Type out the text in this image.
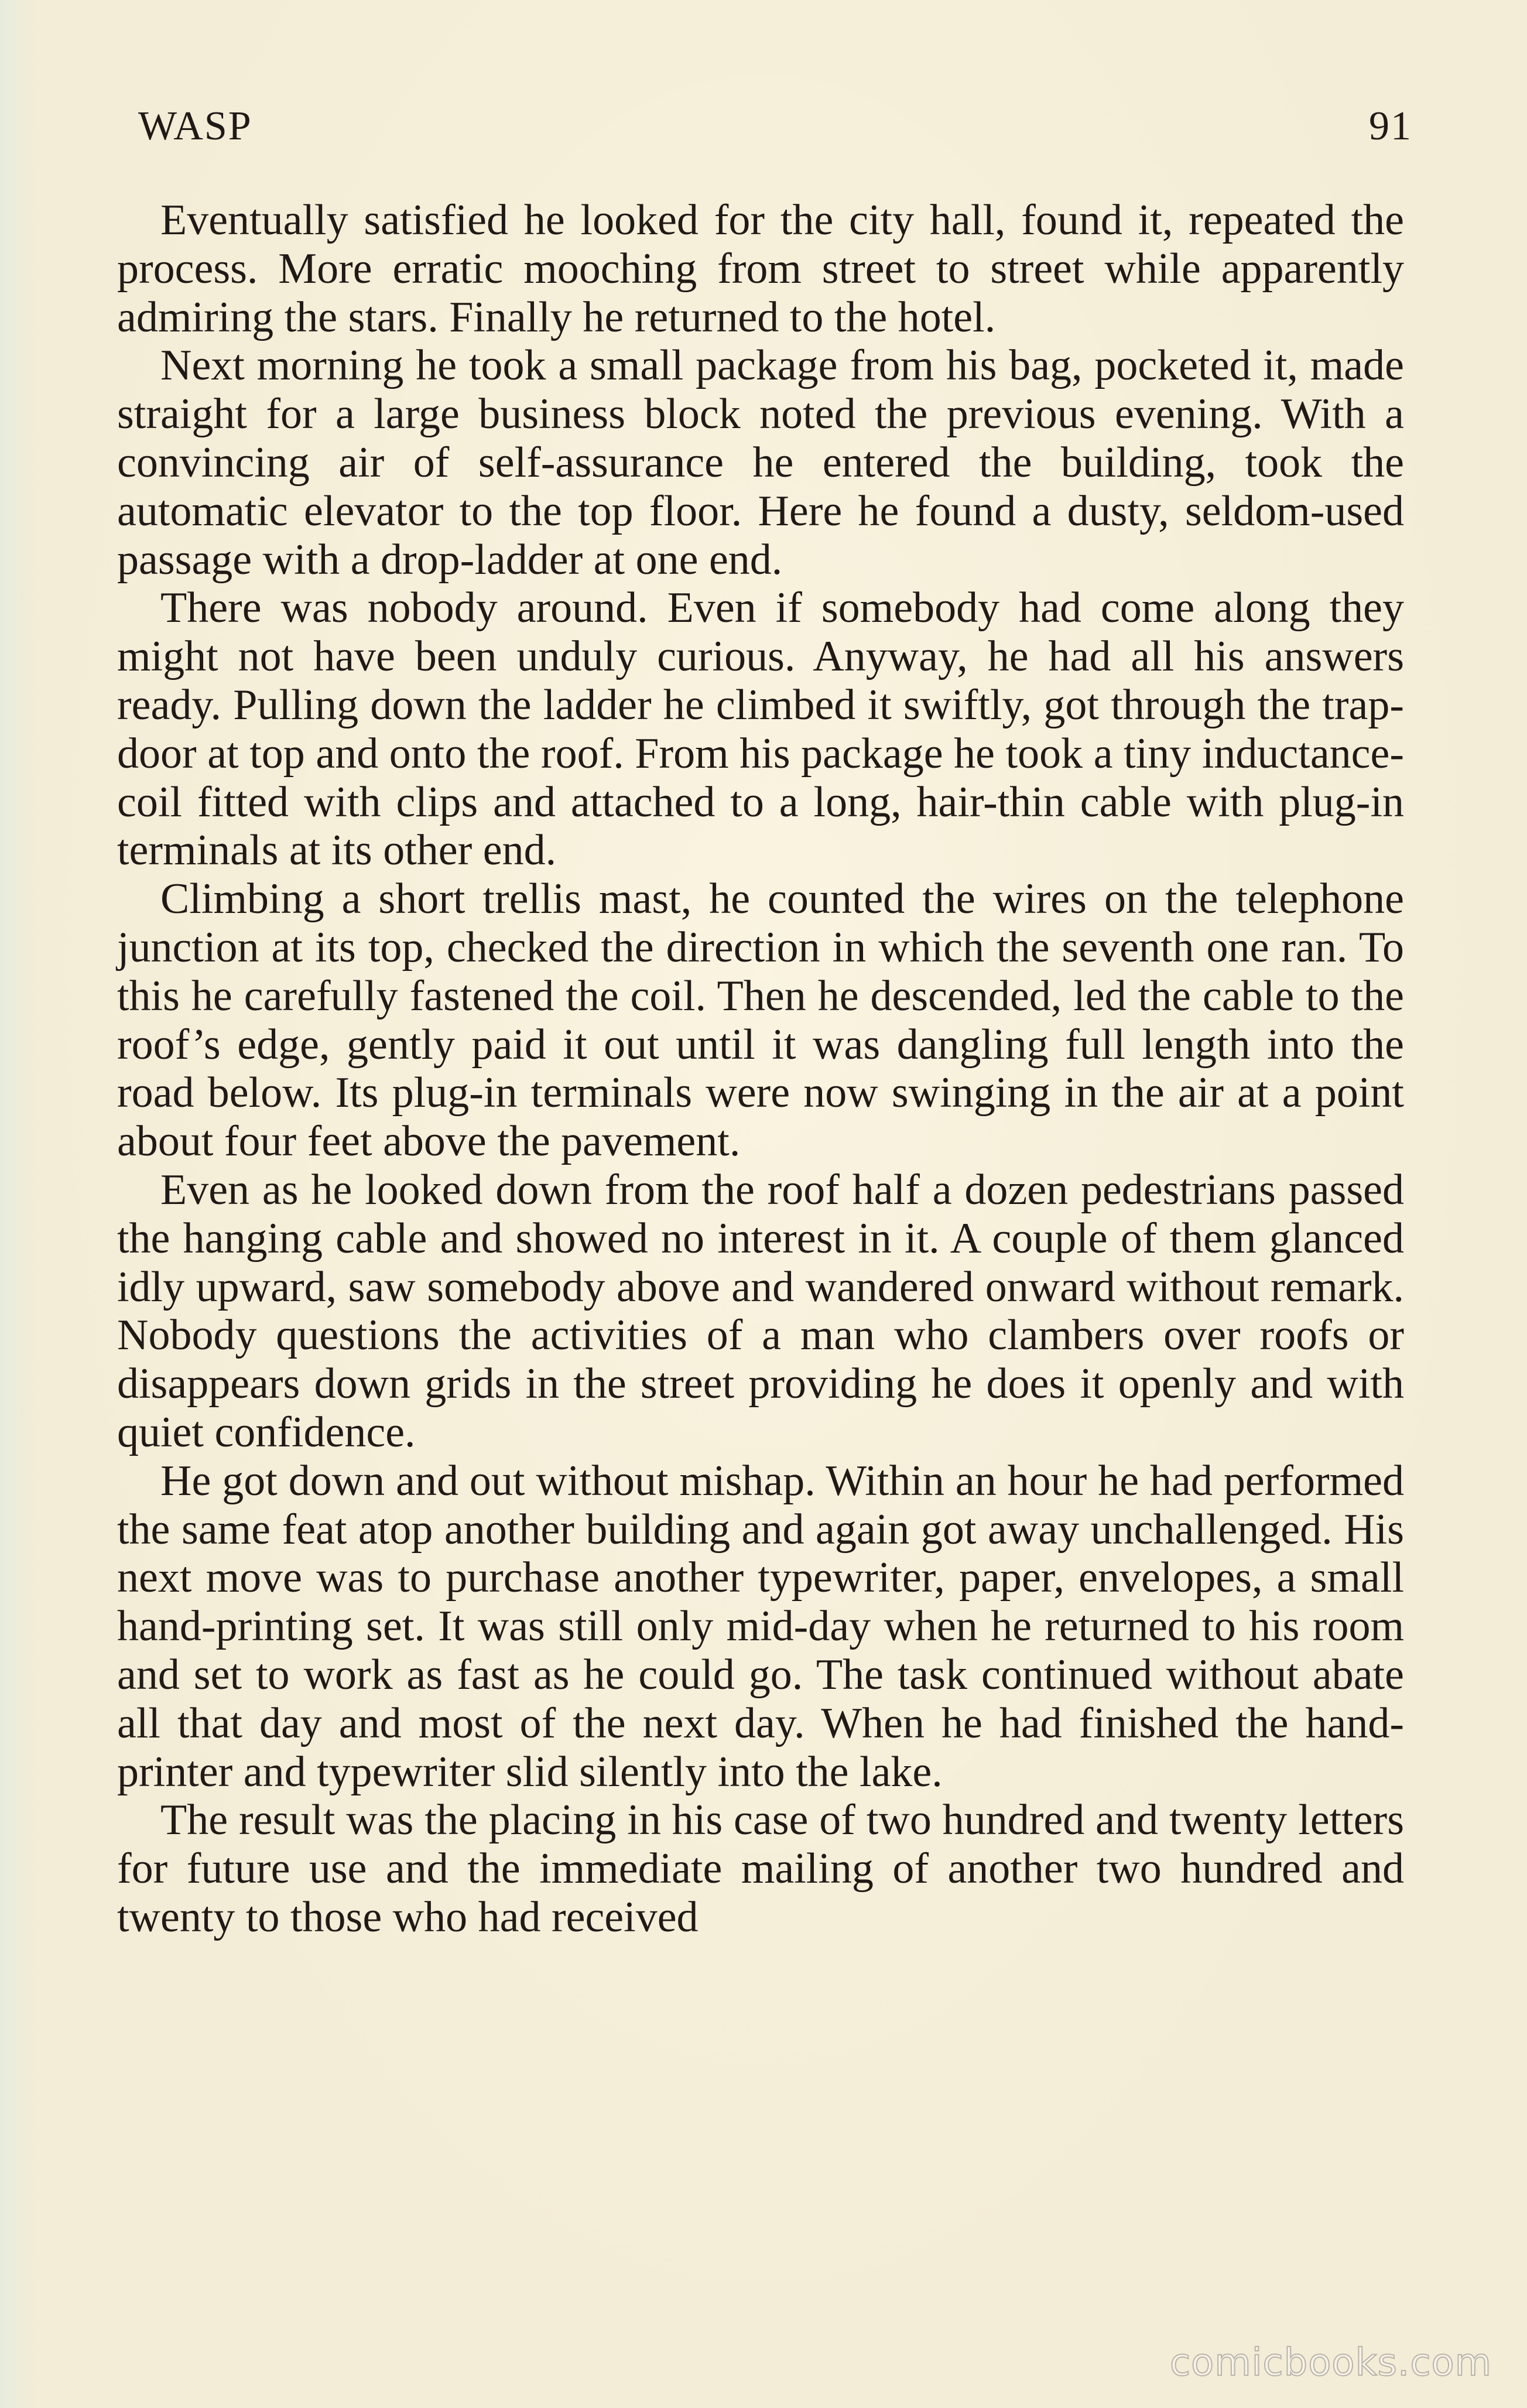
WASP	91

Eventually satisfied he looked for the city hall, found it, repeated the process. More erratic mooching from street to street while apparently admiring the stars. Finally he returned to the hotel.

Next morning he took a small package from his bag, pocketed it, made straight for a large business block noted the previous evening. With a convincing air of self-assurance he entered the building, took the automatic elevator to the top floor. Here he found a dusty, seldom-used passage with a drop-ladder at one end.

There was nobody around. Even if somebody had come along they might not have been unduly curious. Anyway, he had all his answers ready. Pulling down the ladder he climbed it swiftly, got through the trap-door at top and onto the roof. From his package he took a tiny inductance-coil fitted with clips and attached to a long, hair-thin cable with plug-in terminals at its other end.

Climbing a short trellis mast, he counted the wires on the telephone junction at its top, checked the direction in which the seventh one ran. To this he carefully fastened the coil. Then he descended, led the cable to the roof’s edge, gently paid it out until it was dangling full length into the road below. Its plug-in terminals were now swinging in the air at a point about four feet above the pavement.

Even as he looked down from the roof half a dozen pedestrians passed the hanging cable and showed no interest in it. A couple of them glanced idly upward, saw somebody above and wandered onward without remark. Nobody questions the activities of a man who clambers over roofs or disappears down grids in the street providing he does it openly and with quiet confidence.

He got down and out without mishap. Within an hour he had performed the same feat atop another building and again got away unchallenged. His next move was to purchase another typewriter, paper, envelopes, a small hand-printing set. It was still only mid-day when he returned to his room and set to work as fast as he could go. The task continued without abate all that day and most of the next day. When he had finished the hand-printer and typewriter slid silently into the lake.

The result was the placing in his case of two hundred and twenty letters for future use and the immediate mailing of another two hundred and twenty to those who had received

comicbooks.com
